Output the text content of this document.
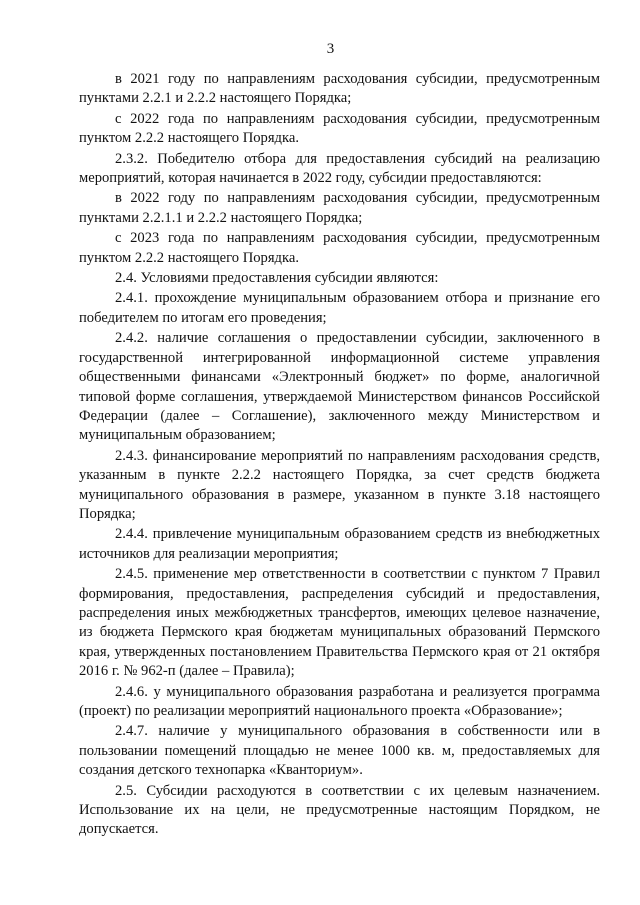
3

в 2021 году по направлениям расходования субсидии, предусмотренным пунктами 2.2.1 и 2.2.2 настоящего Порядка;

с 2022 года по направлениям расходования субсидии, предусмотренным пунктом 2.2.2 настоящего Порядка.

2.3.2. Победителю отбора для предоставления субсидий на реализацию мероприятий, которая начинается в 2022 году, субсидии предоставляются:

в 2022 году по направлениям расходования субсидии, предусмотренным пунктами 2.2.1.1 и 2.2.2 настоящего Порядка;

с 2023 года по направлениям расходования субсидии, предусмотренным пунктом 2.2.2 настоящего Порядка.

2.4. Условиями предоставления субсидии являются:

2.4.1. прохождение муниципальным образованием отбора и признание его победителем по итогам его проведения;

2.4.2. наличие соглашения о предоставлении субсидии, заключенного в государственной интегрированной информационной системе управления общественными финансами «Электронный бюджет» по форме, аналогичной типовой форме соглашения, утверждаемой Министерством финансов Российской Федерации (далее – Соглашение), заключенного между Министерством и муниципальным образованием;

2.4.3. финансирование мероприятий по направлениям расходования средств, указанным в пункте 2.2.2 настоящего Порядка, за счет средств бюджета муниципального образования в размере, указанном в пункте 3.18 настоящего Порядка;

2.4.4. привлечение муниципальным образованием средств из внебюджетных источников для реализации мероприятия;

2.4.5. применение мер ответственности в соответствии с пунктом 7 Правил формирования, предоставления, распределения субсидий и предоставления, распределения иных межбюджетных трансфертов, имеющих целевое назначение, из бюджета Пермского края бюджетам муниципальных образований Пермского края, утвержденных постановлением Правительства Пермского края от 21 октября 2016 г. № 962-п (далее – Правила);

2.4.6. у муниципального образования разработана и реализуется программа (проект) по реализации мероприятий национального проекта «Образование»;

2.4.7. наличие у муниципального образования в собственности или в пользовании помещений площадью не менее 1000 кв. м, предоставляемых для создания детского технопарка «Кванториум».

2.5. Субсидии расходуются в соответствии с их целевым назначением. Использование их на цели, не предусмотренные настоящим Порядком, не допускается.
